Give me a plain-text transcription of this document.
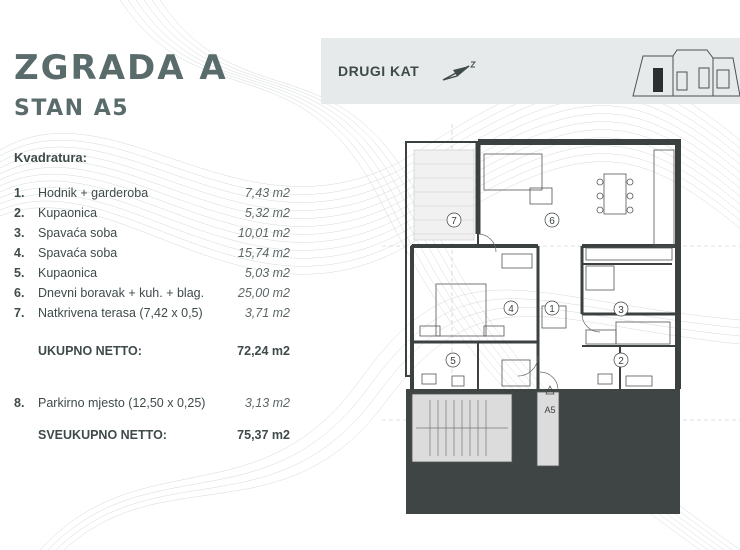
ZGRADA A
STAN A5
Kvadratura:
1. Hodnik + garderoba	7,43 m2
2. Kupaonica	5,32 m2
3. Spavaća soba	10,01 m2
4. Spavaća soba	15,74 m2
5. Kupaonica	5,03 m2
6. Dnevni boravak + kuh. + blag.	25,00 m2
7. Natkrivena terasa (7,42 x 0,5)	3,71 m2
UKUPNO NETTO:	72,24 m2
8. Parkirno mjesto (12,50 x 0,25)	3,13 m2
SVEUKUPNO NETTO:	75,37 m2
DRUGI KAT
1
2
3
4
5
6
7
A5
